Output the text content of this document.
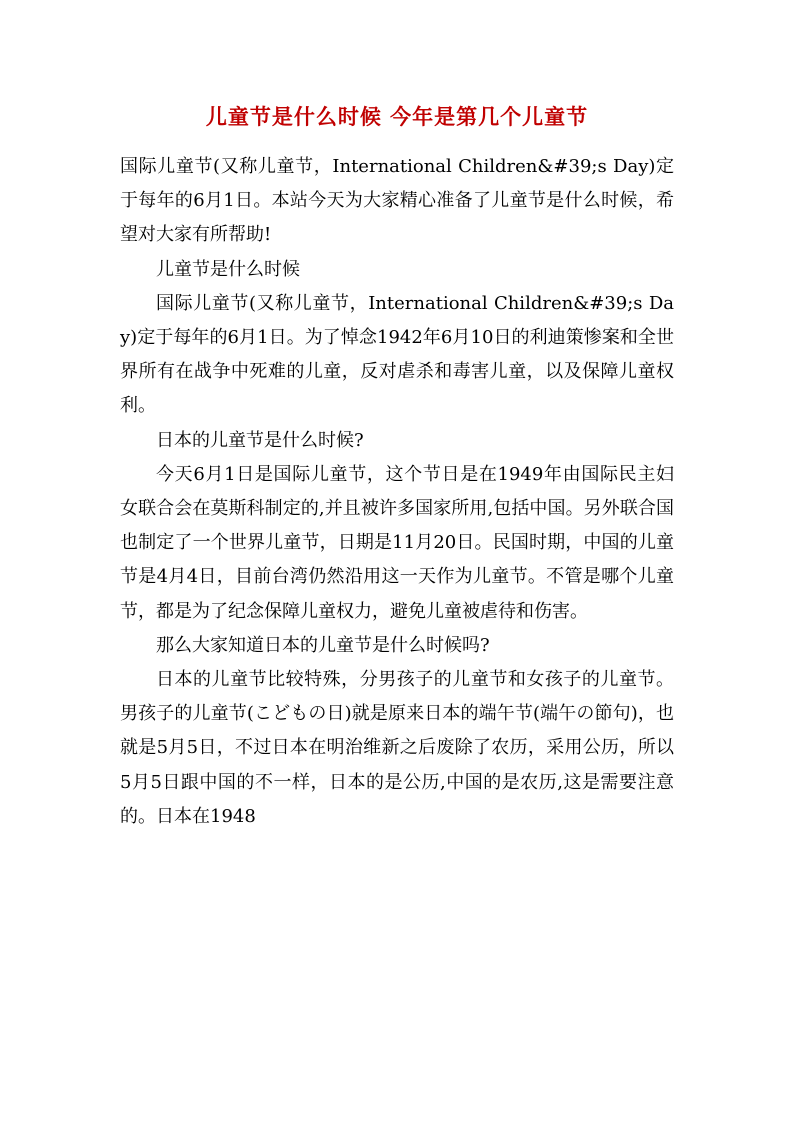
儿童节是什么时候 今年是第几个儿童节

国际儿童节(又称儿童节，International Children&#39;s Day)定于每年的6月1日。本站今天为大家精心准备了儿童节是什么时候，希望对大家有所帮助!

儿童节是什么时候

国际儿童节(又称儿童节，International Children&#39;s Day)定于每年的6月1日。为了悼念1942年6月10日的利迪策惨案和全世界所有在战争中死难的儿童，反对虐杀和毒害儿童，以及保障儿童权利。

日本的儿童节是什么时候?

今天6月1日是国际儿童节，这个节日是在1949年由国际民主妇女联合会在莫斯科制定的,并且被许多国家所用,包括中国。另外联合国也制定了一个世界儿童节，日期是11月20日。民国时期，中国的儿童节是4月4日，目前台湾仍然沿用这一天作为儿童节。不管是哪个儿童节，都是为了纪念保障儿童权力，避免儿童被虐待和伤害。

那么大家知道日本的儿童节是什么时候吗?

日本的儿童节比较特殊，分男孩子的儿童节和女孩子的儿童节。男孩子的儿童节(こどもの日)就是原来日本的端午节(端午の節句)，也就是5月5日，不过日本在明治维新之后废除了农历，采用公历，所以5月5日跟中国的不一样，日本的是公历,中国的是农历,这是需要注意的。日本在1948
